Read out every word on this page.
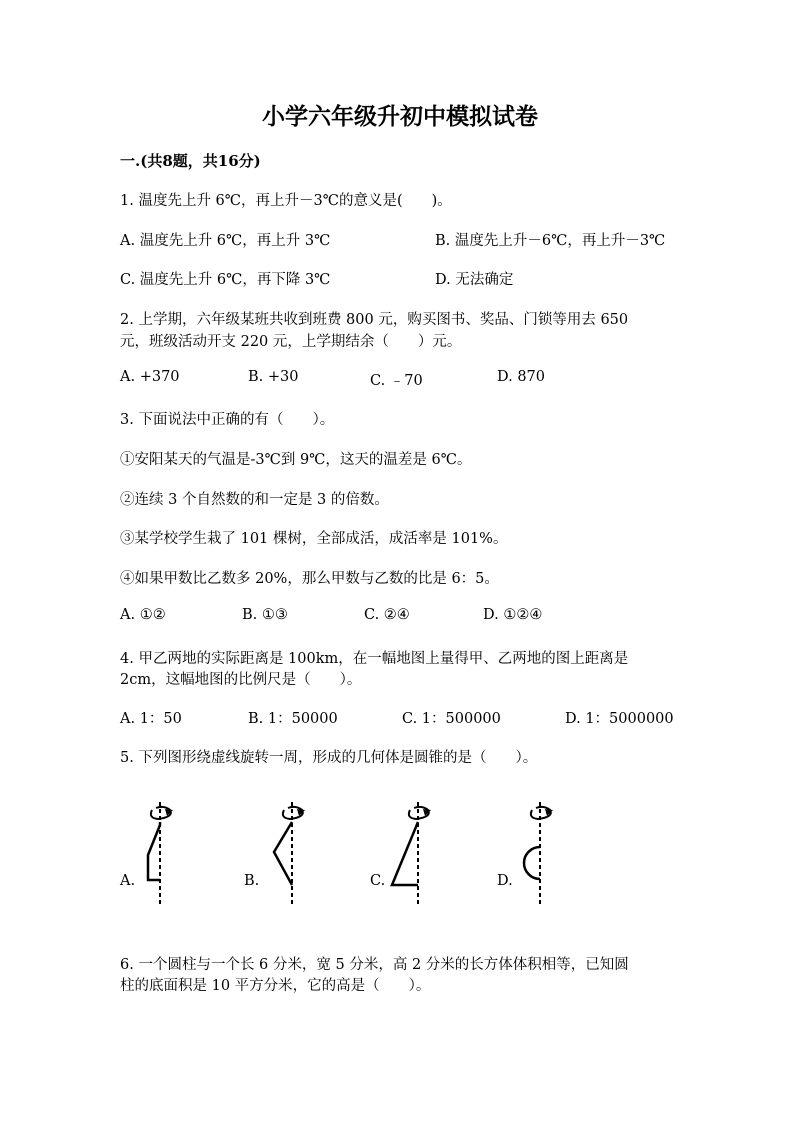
小学六年级升初中模拟试卷
一.(共8题，共16分)
1. 温度先上升 6℃，再上升－3℃的意义是(　　)。
A. 温度先上升 6℃，再上升 3℃	B. 温度先上升－6℃，再上升－3℃
C. 温度先上升 6℃，再下降 3℃	D. 无法确定
2. 上学期，六年级某班共收到班费 800 元，购买图书、奖品、门锁等用去 650
元，班级活动开支 220 元，上学期结余（　　）元。
A. +370	B. +30	C. ﹣70	D. 870
3. 下面说法中正确的有（　　）。
①安阳某天的气温是-3℃到 9℃，这天的温差是 6℃。
②连续 3 个自然数的和一定是 3 的倍数。
③某学校学生栽了 101 棵树，全部成活，成活率是 101%。
④如果甲数比乙数多 20%，那么甲数与乙数的比是 6：5。
A. ①②	B. ①③	C. ②④	D. ①②④
4. 甲乙两地的实际距离是 100km，在一幅地图上量得甲、乙两地的图上距离是
2cm，这幅地图的比例尺是（　　）。
A. 1：50	B. 1：50000	C. 1：500000	D. 1：5000000
5. 下列图形绕虚线旋转一周，形成的几何体是圆锥的是（　　）。
A.	B.	C.	D.
6. 一个圆柱与一个长 6 分米，宽 5 分米，高 2 分米的长方体体积相等，已知圆
柱的底面积是 10 平方分米，它的高是（　　）。
